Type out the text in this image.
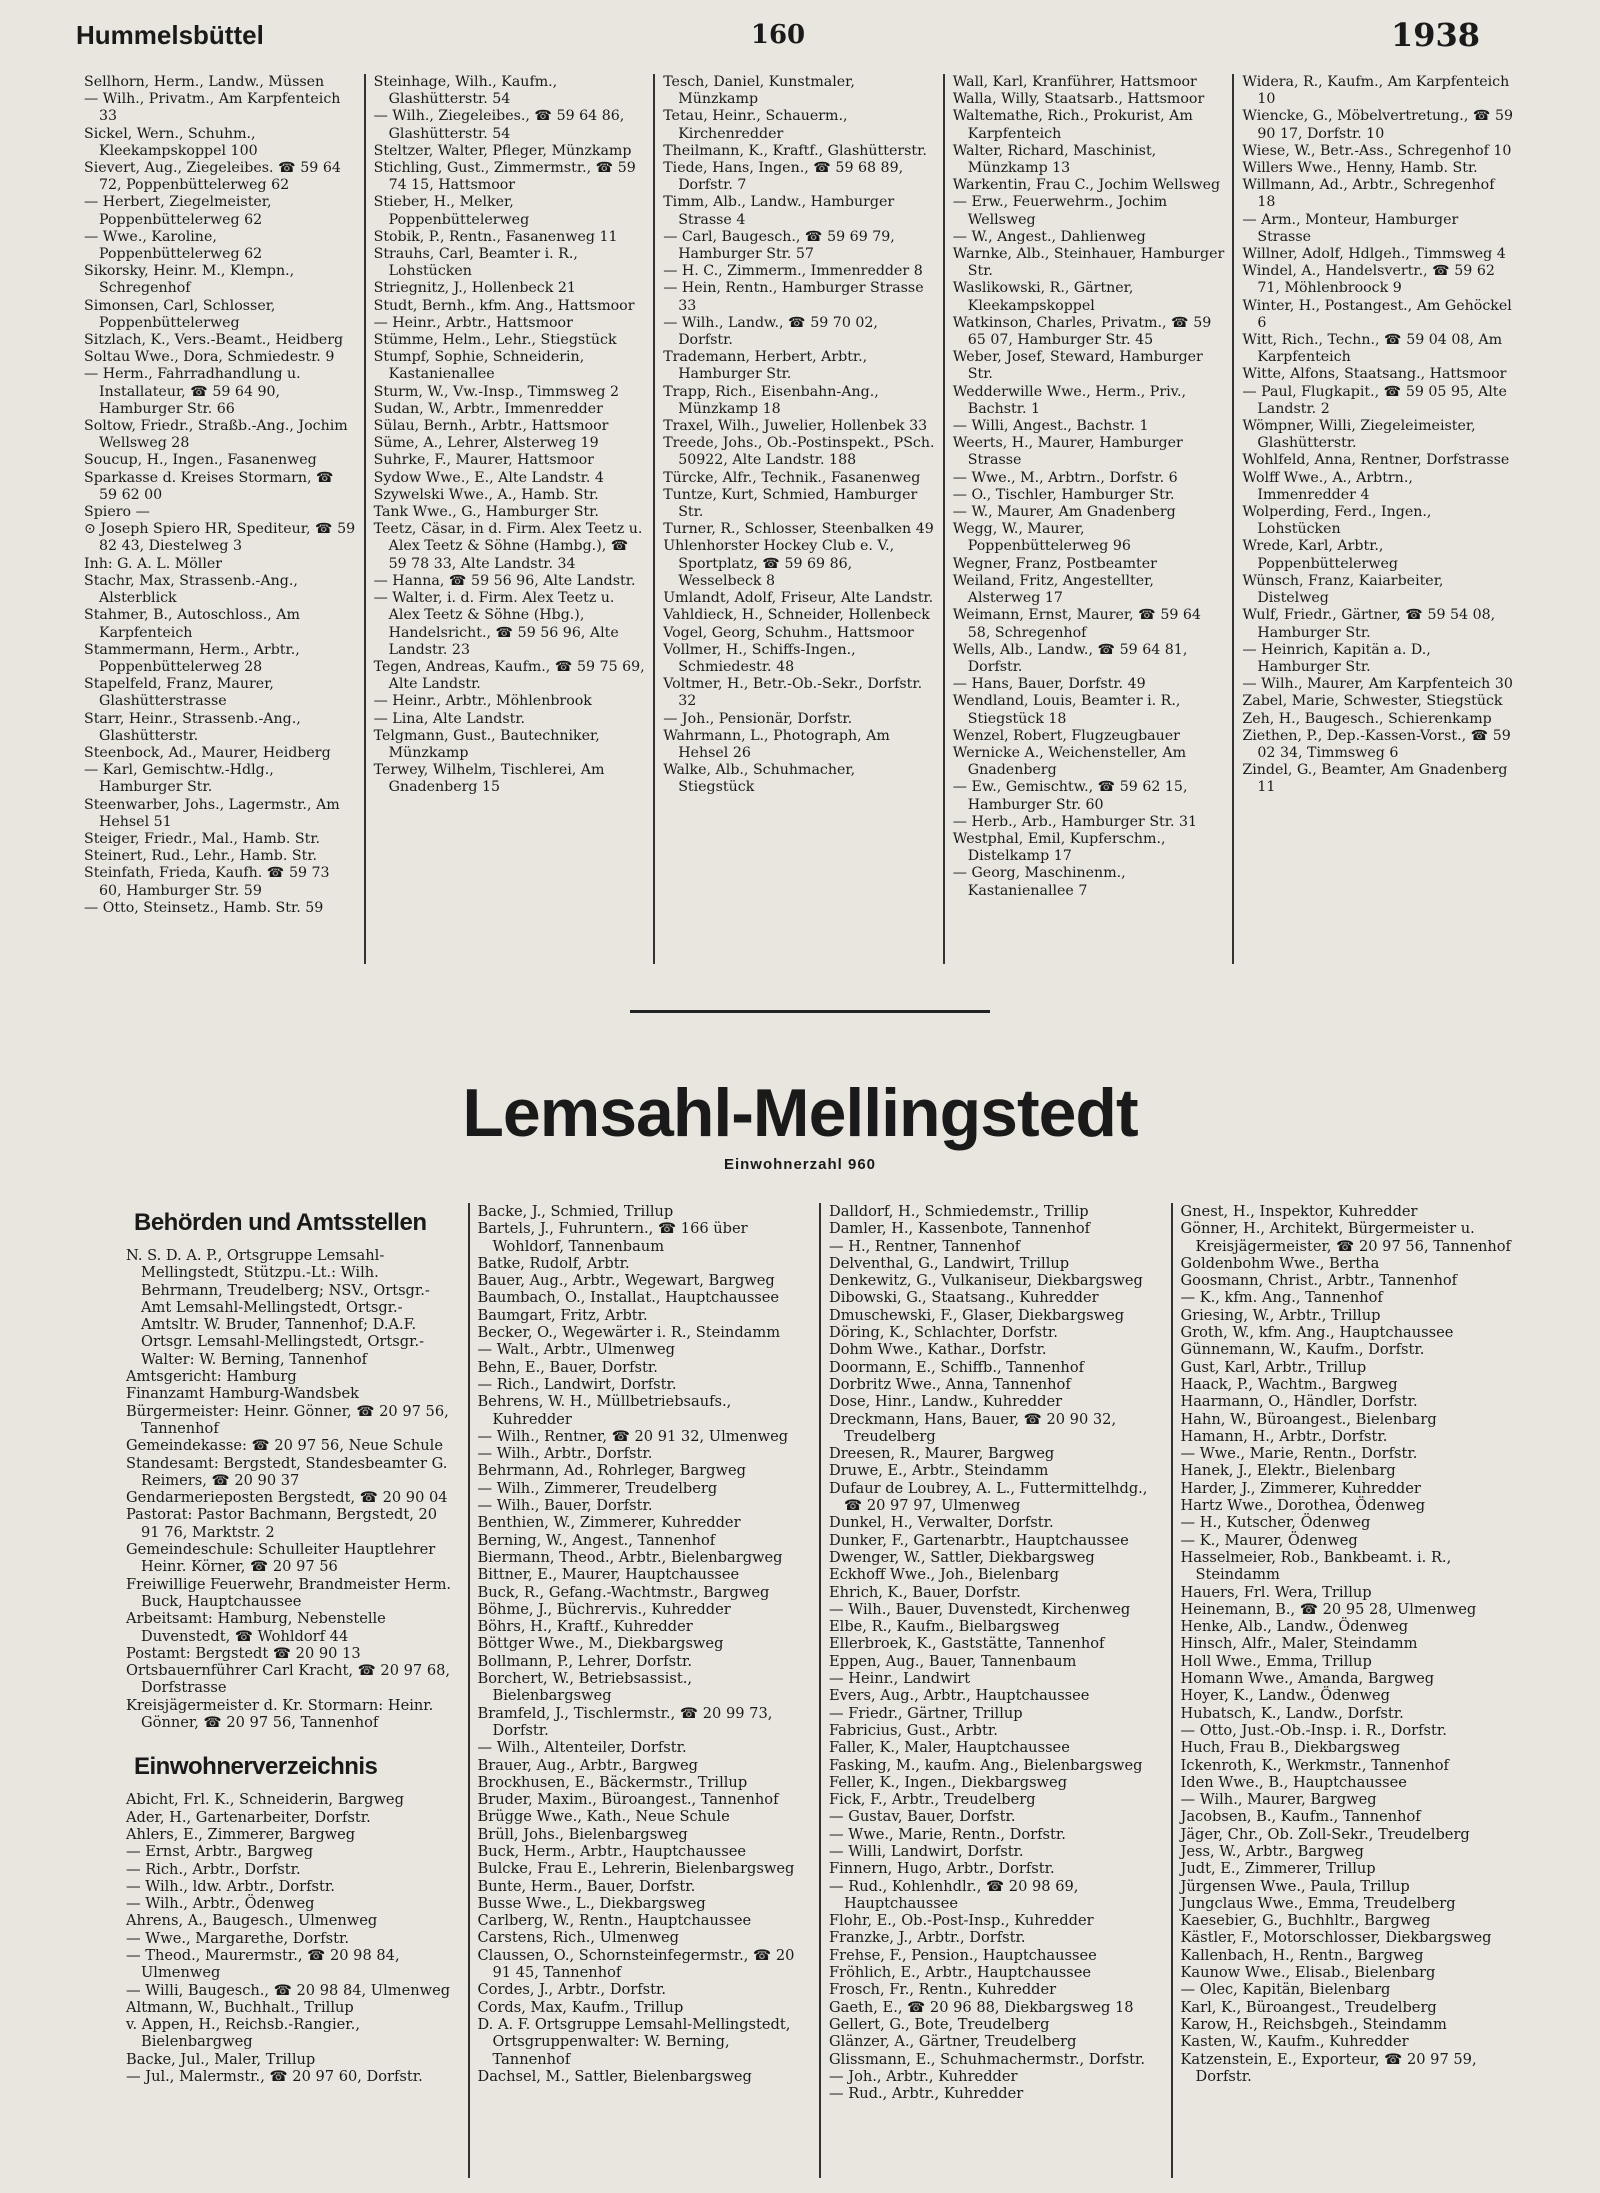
Hummelsbüttel	160	1938
Sellhorn, Herm., Landw., Müssen
— Wilh., Privatm., Am Karpfenteich 33
Sickel, Wern., Schuhm., Kleekampskoppel 100
Sievert, Aug., Ziegeleibes. ☎ 59 64 72, Poppenbüttelerweg 62
— Herbert, Ziegelmeister, Poppenbüttelerweg 62
— Wwe., Karoline, Poppenbüttelerweg 62
Sikorsky, Heinr. M., Klempn., Schregenhof
Simonsen, Carl, Schlosser, Poppenbüttelerweg
Sitzlach, K., Vers.-Beamt., Heidberg
Soltau Wwe., Dora, Schmiedestr. 9
— Herm., Fahrradhandlung u. Installateur, ☎ 59 64 90, Hamburger Str. 66
Soltow, Friedr., Straßb.-Ang., Jochim Wellsweg 28
Soucup, H., Ingen., Fasanenweg
Sparkasse d. Kreises Stormarn, ☎ 59 62 00
Spiero —
⊙ Joseph Spiero HR, Spediteur, ☎ 59 82 43, Diestelweg 3
Inh: G. A. L. Möller
Stachr, Max, Strassenb.-Ang., Alsterblick
Stahmer, B., Autoschloss., Am Karpfenteich
Stammermann, Herm., Arbtr., Poppenbüttelerweg 28
Stapelfeld, Franz, Maurer, Glashütterstrasse
Starr, Heinr., Strassenb.-Ang., Glashütterstr.
Steenbock, Ad., Maurer, Heidberg
— Karl, Gemischtw.-Hdlg., Hamburger Str.
Steenwarber, Johs., Lagermstr., Am Hehsel 51
Steiger, Friedr., Mal., Hamb. Str.
Steinert, Rud., Lehr., Hamb. Str.
Steinfath, Frieda, Kaufh. ☎ 59 73 60, Hamburger Str. 59
— Otto, Steinsetz., Hamb. Str. 59
Steinhage, Wilh., Kaufm., Glashütterstr. 54
— Wilh., Ziegeleibes., ☎ 59 64 86, Glashütterstr. 54
Steltzer, Walter, Pfleger, Münzkamp
Stichling, Gust., Zimmermstr., ☎ 59 74 15, Hattsmoor
Stieber, H., Melker, Poppenbüttelerweg
Stobik, P., Rentn., Fasanenweg 11
Strauhs, Carl, Beamter i. R., Lohstücken
Striegnitz, J., Hollenbeck 21
Studt, Bernh., kfm. Ang., Hattsmoor
— Heinr., Arbtr., Hattsmoor
Stümme, Helm., Lehr., Stiegstück
Stumpf, Sophie, Schneiderin, Kastanienallee
Sturm, W., Vw.-Insp., Timmsweg 2
Sudan, W., Arbtr., Immenredder
Sülau, Bernh., Arbtr., Hattsmoor
Süme, A., Lehrer, Alsterweg 19
Suhrke, F., Maurer, Hattsmoor
Sydow Wwe., E., Alte Landstr. 4
Szywelski Wwe., A., Hamb. Str.
Tank Wwe., G., Hamburger Str.
Teetz, Cäsar, in d. Firm. Alex Teetz u. Alex Teetz & Söhne (Hambg.), ☎ 59 78 33, Alte Landstr. 34
— Hanna, ☎ 59 56 96, Alte Landstr.
— Walter, i. d. Firm. Alex Teetz u. Alex Teetz & Söhne (Hbg.), Handelsricht., ☎ 59 56 96, Alte Landstr. 23
Tegen, Andreas, Kaufm., ☎ 59 75 69, Alte Landstr.
— Heinr., Arbtr., Möhlenbrook
— Lina, Alte Landstr.
Telgmann, Gust., Bautechniker, Münzkamp
Terwey, Wilhelm, Tischlerei, Am Gnadenberg 15
Tesch, Daniel, Kunstmaler, Münzkamp
Tetau, Heinr., Schauerm., Kirchenredder
Theilmann, K., Kraftf., Glashütterstr.
Tiede, Hans, Ingen., ☎ 59 68 89, Dorfstr. 7
Timm, Alb., Landw., Hamburger Strasse 4
— Carl, Baugesch., ☎ 59 69 79, Hamburger Str. 57
— H. C., Zimmerm., Immenredder 8
— Hein, Rentn., Hamburger Strasse 33
— Wilh., Landw., ☎ 59 70 02, Dorfstr.
Trademann, Herbert, Arbtr., Hamburger Str.
Trapp, Rich., Eisenbahn-Ang., Münzkamp 18
Traxel, Wilh., Juwelier, Hollenbek 33
Treede, Johs., Ob.-Postinspekt., PSch. 50922, Alte Landstr. 188
Türcke, Alfr., Technik., Fasanenweg
Tuntze, Kurt, Schmied, Hamburger Str.
Turner, R., Schlosser, Steenbalken 49
Uhlenhorster Hockey Club e. V., Sportplatz, ☎ 59 69 86, Wesselbeck 8
Umlandt, Adolf, Friseur, Alte Landstr.
Vahldieck, H., Schneider, Hollenbeck
Vogel, Georg, Schuhm., Hattsmoor
Vollmer, H., Schiffs-Ingen., Schmiedestr. 48
Voltmer, H., Betr.-Ob.-Sekr., Dorfstr. 32
— Joh., Pensionär, Dorfstr.
Wahrmann, L., Photograph, Am Hehsel 26
Walke, Alb., Schuhmacher, Stiegstück
Wall, Karl, Kranführer, Hattsmoor
Walla, Willy, Staatsarb., Hattsmoor
Waltemathe, Rich., Prokurist, Am Karpfenteich
Walter, Richard, Maschinist, Münzkamp 13
Warkentin, Frau C., Jochim Wellsweg
— Erw., Feuerwehrm., Jochim Wellsweg
— W., Angest., Dahlienweg
Warnke, Alb., Steinhauer, Hamburger Str.
Waslikowski, R., Gärtner, Kleekampskoppel
Watkinson, Charles, Privatm., ☎ 59 65 07, Hamburger Str. 45
Weber, Josef, Steward, Hamburger Str.
Wedderwille Wwe., Herm., Priv., Bachstr. 1
— Willi, Angest., Bachstr. 1
Weerts, H., Maurer, Hamburger Strasse
— Wwe., M., Arbtrn., Dorfstr. 6
— O., Tischler, Hamburger Str.
— W., Maurer, Am Gnadenberg
Wegg, W., Maurer, Poppenbüttelerweg 96
Wegner, Franz, Postbeamter
Weiland, Fritz, Angestellter, Alsterweg 17
Weimann, Ernst, Maurer, ☎ 59 64 58, Schregenhof
Wells, Alb., Landw., ☎ 59 64 81, Dorfstr.
— Hans, Bauer, Dorfstr. 49
Wendland, Louis, Beamter i. R., Stiegstück 18
Wenzel, Robert, Flugzeugbauer
Wernicke A., Weichensteller, Am Gnadenberg
— Ew., Gemischtw., ☎ 59 62 15, Hamburger Str. 60
— Herb., Arb., Hamburger Str. 31
Westphal, Emil, Kupferschm., Distelkamp 17
— Georg, Maschinenm., Kastanienallee 7
Widera, R., Kaufm., Am Karpfenteich 10
Wiencke, G., Möbelvertretung., ☎ 59 90 17, Dorfstr. 10
Wiese, W., Betr.-Ass., Schregenhof 10
Willers Wwe., Henny, Hamb. Str.
Willmann, Ad., Arbtr., Schregenhof 18
— Arm., Monteur, Hamburger Strasse
Willner, Adolf, Hdlgeh., Timmsweg 4
Windel, A., Handelsvertr., ☎ 59 62 71, Möhlenbroock 9
Winter, H., Postangest., Am Gehöckel 6
Witt, Rich., Techn., ☎ 59 04 08, Am Karpfenteich
Witte, Alfons, Staatsang., Hattsmoor
— Paul, Flugkapit., ☎ 59 05 95, Alte Landstr. 2
Wömpner, Willi, Ziegeleimeister, Glashütterstr.
Wohlfeld, Anna, Rentner, Dorfstrasse
Wolff Wwe., A., Arbtrn., Immenredder 4
Wolperding, Ferd., Ingen., Lohstücken
Wrede, Karl, Arbtr., Poppenbüttelerweg
Wünsch, Franz, Kaiarbeiter, Distelweg
Wulf, Friedr., Gärtner, ☎ 59 54 08, Hamburger Str.
— Heinrich, Kapitän a. D., Hamburger Str.
— Wilh., Maurer, Am Karpfenteich 30
Zabel, Marie, Schwester, Stiegstück
Zeh, H., Baugesch., Schierenkamp
Ziethen, P., Dep.-Kassen-Vorst., ☎ 59 02 34, Timmsweg 6
Zindel, G., Beamter, Am Gnadenberg 11
Lemsahl-Mellingstedt
Einwohnerzahl 960
Behörden und Amtsstellen
N. S. D. A. P., Ortsgruppe Lemsahl-Mellingstedt, Stützpu.-Lt.: Wilh. Behrmann, Treudelberg; NSV., Ortsgr.-Amt Lemsahl-Mellingstedt, Ortsgr.-Amtsltr. W. Bruder, Tannenhof; D.A.F. Ortsgr. Lemsahl-Mellingstedt, Ortsgr.-Walter: W. Berning, Tannenhof
Amtsgericht: Hamburg
Finanzamt Hamburg-Wandsbek
Bürgermeister: Heinr. Gönner, ☎ 20 97 56, Tannenhof
Gemeindekasse: ☎ 20 97 56, Neue Schule
Standesamt: Bergstedt, Standesbeamter G. Reimers, ☎ 20 90 37
Gendarmerieposten Bergstedt, ☎ 20 90 04
Pastorat: Pastor Bachmann, Bergstedt, 20 91 76, Marktstr. 2
Gemeindeschule: Schulleiter Hauptlehrer Heinr. Körner, ☎ 20 97 56
Freiwillige Feuerwehr, Brandmeister Herm. Buck, Hauptchaussee
Arbeitsamt: Hamburg, Nebenstelle Duvenstedt, ☎ Wohldorf 44
Postamt: Bergstedt ☎ 20 90 13
Ortsbauernführer Carl Kracht, ☎ 20 97 68, Dorfstrasse
Kreisjägermeister d. Kr. Stormarn: Heinr. Gönner, ☎ 20 97 56, Tannenhof
Einwohnerverzeichnis
Abicht, Frl. K., Schneiderin, Bargweg
Ader, H., Gartenarbeiter, Dorfstr.
Ahlers, E., Zimmerer, Bargweg
— Ernst, Arbtr., Bargweg
— Rich., Arbtr., Dorfstr.
— Wilh., ldw. Arbtr., Dorfstr.
— Wilh., Arbtr., Ödenweg
Ahrens, A., Baugesch., Ulmenweg
— Wwe., Margarethe, Dorfstr.
— Theod., Maurermstr., ☎ 20 98 84, Ulmenweg
— Willi, Baugesch., ☎ 20 98 84, Ulmenweg
Altmann, W., Buchhalt., Trillup
v. Appen, H., Reichsb.-Rangier., Bielenbargweg
Backe, Jul., Maler, Trillup
— Jul., Malermstr., ☎ 20 97 60, Dorfstr.
Backe, J., Schmied, Trillup
Bartels, J., Fuhruntern., ☎ 166 über Wohldorf, Tannenbaum
Batke, Rudolf, Arbtr.
Bauer, Aug., Arbtr., Wegewart, Bargweg
Baumbach, O., Installat., Hauptchaussee
Baumgart, Fritz, Arbtr.
Becker, O., Wegewärter i. R., Steindamm
— Walt., Arbtr., Ulmenweg
Behn, E., Bauer, Dorfstr.
— Rich., Landwirt, Dorfstr.
Behrens, W. H., Müllbetriebsaufs., Kuhredder
— Wilh., Rentner, ☎ 20 91 32, Ulmenweg
— Wilh., Arbtr., Dorfstr.
Behrmann, Ad., Rohrleger, Bargweg
— Wilh., Zimmerer, Treudelberg
— Wilh., Bauer, Dorfstr.
Benthien, W., Zimmerer, Kuhredder
Berning, W., Angest., Tannenhof
Biermann, Theod., Arbtr., Bielenbargweg
Bittner, E., Maurer, Hauptchaussee
Buck, R., Gefang.-Wachtmstr., Bargweg
Böhme, J., Büchrervis., Kuhredder
Böhrs, H., Kraftf., Kuhredder
Böttger Wwe., M., Diekbargsweg
Bollmann, P., Lehrer, Dorfstr.
Borchert, W., Betriebsassist., Bielenbargsweg
Bramfeld, J., Tischlermstr., ☎ 20 99 73, Dorfstr.
— Wilh., Altenteiler, Dorfstr.
Brauer, Aug., Arbtr., Bargweg
Brockhusen, E., Bäckermstr., Trillup
Bruder, Maxim., Büroangest., Tannenhof
Brügge Wwe., Kath., Neue Schule
Brüll, Johs., Bielenbargsweg
Buck, Herm., Arbtr., Hauptchaussee
Bulcke, Frau E., Lehrerin, Bielenbargsweg
Bunte, Herm., Bauer, Dorfstr.
Busse Wwe., L., Diekbargsweg
Carlberg, W., Rentn., Hauptchaussee
Carstens, Rich., Ulmenweg
Claussen, O., Schornsteinfegermstr., ☎ 20 91 45, Tannenhof
Cordes, J., Arbtr., Dorfstr.
Cords, Max, Kaufm., Trillup
D. A. F. Ortsgruppe Lemsahl-Mellingstedt, Ortsgruppenwalter: W. Berning, Tannenhof
Dachsel, M., Sattler, Bielenbargsweg
Dalldorf, H., Schmiedemstr., Trillip
Damler, H., Kassenbote, Tannenhof
— H., Rentner, Tannenhof
Delventhal, G., Landwirt, Trillup
Denkewitz, G., Vulkaniseur, Diekbargsweg
Dibowski, G., Staatsang., Kuhredder
Dmuschewski, F., Glaser, Diekbargsweg
Döring, K., Schlachter, Dorfstr.
Dohm Wwe., Kathar., Dorfstr.
Doormann, E., Schiffb., Tannenhof
Dorbritz Wwe., Anna, Tannenhof
Dose, Hinr., Landw., Kuhredder
Dreckmann, Hans, Bauer, ☎ 20 90 32, Treudelberg
Dreesen, R., Maurer, Bargweg
Druwe, E., Arbtr., Steindamm
Dufaur de Loubrey, A. L., Futtermittelhdg., ☎ 20 97 97, Ulmenweg
Dunkel, H., Verwalter, Dorfstr.
Dunker, F., Gartenarbtr., Hauptchaussee
Dwenger, W., Sattler, Diekbargsweg
Eckhoff Wwe., Joh., Bielenbarg
Ehrich, K., Bauer, Dorfstr.
— Wilh., Bauer, Duvenstedt, Kirchenweg
Elbe, R., Kaufm., Bielbargsweg
Ellerbroek, K., Gaststätte, Tannenhof
Eppen, Aug., Bauer, Tannenbaum
— Heinr., Landwirt
Evers, Aug., Arbtr., Hauptchaussee
— Friedr., Gärtner, Trillup
Fabricius, Gust., Arbtr.
Faller, K., Maler, Hauptchaussee
Fasking, M., kaufm. Ang., Bielenbargsweg
Feller, K., Ingen., Diekbargsweg
Fick, F., Arbtr., Treudelberg
— Gustav, Bauer, Dorfstr.
— Wwe., Marie, Rentn., Dorfstr.
— Willi, Landwirt, Dorfstr.
Finnern, Hugo, Arbtr., Dorfstr.
— Rud., Kohlenhdlr., ☎ 20 98 69, Hauptchaussee
Flohr, E., Ob.-Post-Insp., Kuhredder
Franzke, J., Arbtr., Dorfstr.
Frehse, F., Pension., Hauptchaussee
Fröhlich, E., Arbtr., Hauptchaussee
Frosch, Fr., Rentn., Kuhredder
Gaeth, E., ☎ 20 96 88, Diekbargsweg 18
Gellert, G., Bote, Treudelberg
Glänzer, A., Gärtner, Treudelberg
Glissmann, E., Schuhmachermstr., Dorfstr.
— Joh., Arbtr., Kuhredder
— Rud., Arbtr., Kuhredder
Gnest, H., Inspektor, Kuhredder
Gönner, H., Architekt, Bürgermeister u. Kreisjägermeister, ☎ 20 97 56, Tannenhof
Goldenbohm Wwe., Bertha
Goosmann, Christ., Arbtr., Tannenhof
— K., kfm. Ang., Tannenhof
Griesing, W., Arbtr., Trillup
Groth, W., kfm. Ang., Hauptchaussee
Günnemann, W., Kaufm., Dorfstr.
Gust, Karl, Arbtr., Trillup
Haack, P., Wachtm., Bargweg
Haarmann, O., Händler, Dorfstr.
Hahn, W., Büroangest., Bielenbarg
Hamann, H., Arbtr., Dorfstr.
— Wwe., Marie, Rentn., Dorfstr.
Hanek, J., Elektr., Bielenbarg
Harder, J., Zimmerer, Kuhredder
Hartz Wwe., Dorothea, Ödenweg
— H., Kutscher, Ödenweg
— K., Maurer, Ödenweg
Hasselmeier, Rob., Bankbeamt. i. R., Steindamm
Hauers, Frl. Wera, Trillup
Heinemann, B., ☎ 20 95 28, Ulmenweg
Henke, Alb., Landw., Ödenweg
Hinsch, Alfr., Maler, Steindamm
Holl Wwe., Emma, Trillup
Homann Wwe., Amanda, Bargweg
Hoyer, K., Landw., Ödenweg
Hubatsch, K., Landw., Dorfstr.
— Otto, Just.-Ob.-Insp. i. R., Dorfstr.
Huch, Frau B., Diekbargsweg
Ickenroth, K., Werkmstr., Tannenhof
Iden Wwe., B., Hauptchaussee
— Wilh., Maurer, Bargweg
Jacobsen, B., Kaufm., Tannenhof
Jäger, Chr., Ob. Zoll-Sekr., Treudelberg
Jess, W., Arbtr., Bargweg
Judt, E., Zimmerer, Trillup
Jürgensen Wwe., Paula, Trillup
Jungclaus Wwe., Emma, Treudelberg
Kaesebier, G., Buchhltr., Bargweg
Kästler, F., Motorschlosser, Diekbargsweg
Kallenbach, H., Rentn., Bargweg
Kaunow Wwe., Elisab., Bielenbarg
— Olec, Kapitän, Bielenbarg
Karl, K., Büroangest., Treudelberg
Karow, H., Reichsbgeh., Steindamm
Kasten, W., Kaufm., Kuhredder
Katzenstein, E., Exporteur, ☎ 20 97 59, Dorfstr.
